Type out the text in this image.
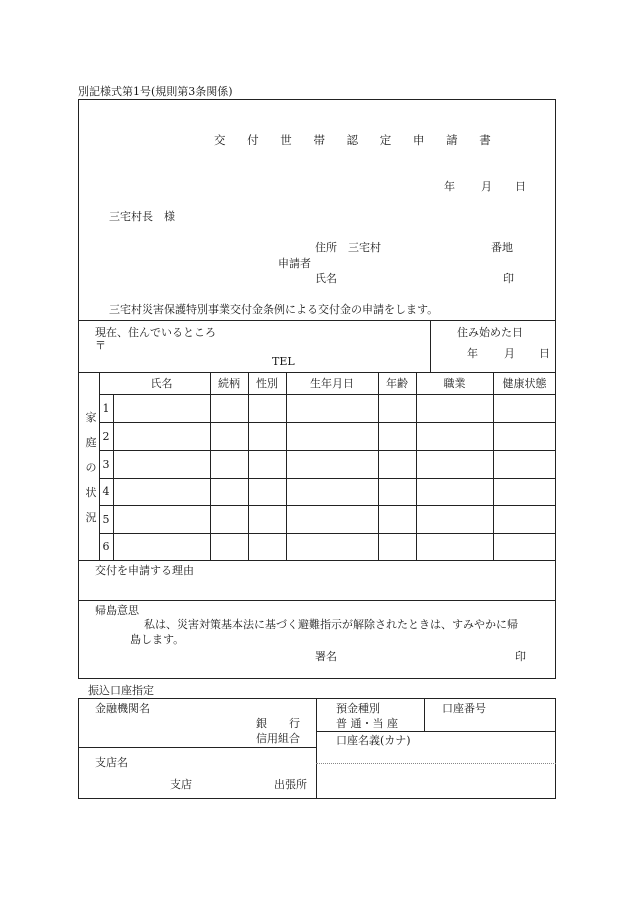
別記様式第1号(規則第3条関係)
交 付 世 帯 認 定 申 請 書
年 月 日
三宅村長　様
住所　三宅村	番地
申請者
氏名	印
三宅村災害保護特別事業交付金条例による交付金の申請をします。
現在、住んでいるところ
〒
TEL
住み始めた日
年 月 日
家
庭
の
状
況
氏名	続柄	性別	生年月日	年齢	職業	健康状態
1
2
3
4
5
6
交付を申請する理由
帰島意思
私は、災害対策基本法に基づく避難指示が解除されたときは、すみやかに帰
島します。
署名	印
振込口座指定
金融機関名
銀　　行
信用組合
預金種別
普 通・当 座
口座番号
口座名義(カナ)
支店名
支店	出張所
